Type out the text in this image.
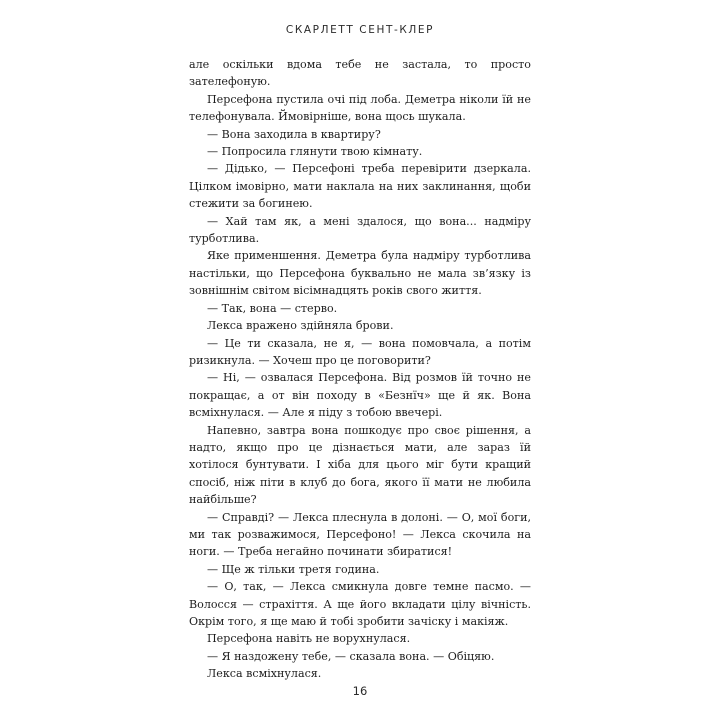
СКАРЛЕТТ СЕНТ-КЛЕР

але оскільки вдома тебе не застала, то просто зателефоную.

Персефона пустила очі під лоба. Деметра ніколи їй не телефонувала. Ймовірніше, вона щось шукала.

— Вона заходила в квартиру?

— Попросила глянути твою кімнату.

— Дідько, — Персефоні треба перевірити дзеркала. Цілком імовірно, мати наклала на них заклинання, щоби стежити за богинею.

— Хай там як, а мені здалося, що вона... надміру турботлива.

Яке применшення. Деметра була надміру турботлива настільки, що Персефона буквально не мала зв’язку із зовнішнім світом вісімнадцять років свого життя.

— Так, вона — стерво.

Лекса вражено здійняла брови.

— Це ти сказала, не я, — вона помовчала, а потім ризикнула. — Хочеш про це поговорити?

— Ні, — озвалася Персефона. Від розмов їй точно не покращає, а от він походу в «Безнїч» ще й як. Вона всміхнулася. — Але я піду з тобою ввечері.

Напевно, завтра вона пошкодує про своє рішення, а надто, якщо про це дізнається мати, але зараз їй хотілося бунтувати. І хіба для цього міг бути кращий спосіб, ніж піти в клуб до бога, якого її мати не любила найбільше?

— Справді? — Лекса плеснула в долоні. — О, мої боги, ми так розважимося, Персефоно! — Лекса скочила на ноги. — Треба негайно починати збиратися!

— Ще ж тільки третя година.

— О, так, — Лекса смикнула довге темне пасмо. — Волосся — страхіття. А ще його вкладати цілу вічність. Окрім того, я ще маю й тобі зробити зачіску і макіяж.

Персефона навіть не ворухнулася.

— Я наздожену тебе, — сказала вона. — Обіцяю.

Лекса всміхнулася.

16
